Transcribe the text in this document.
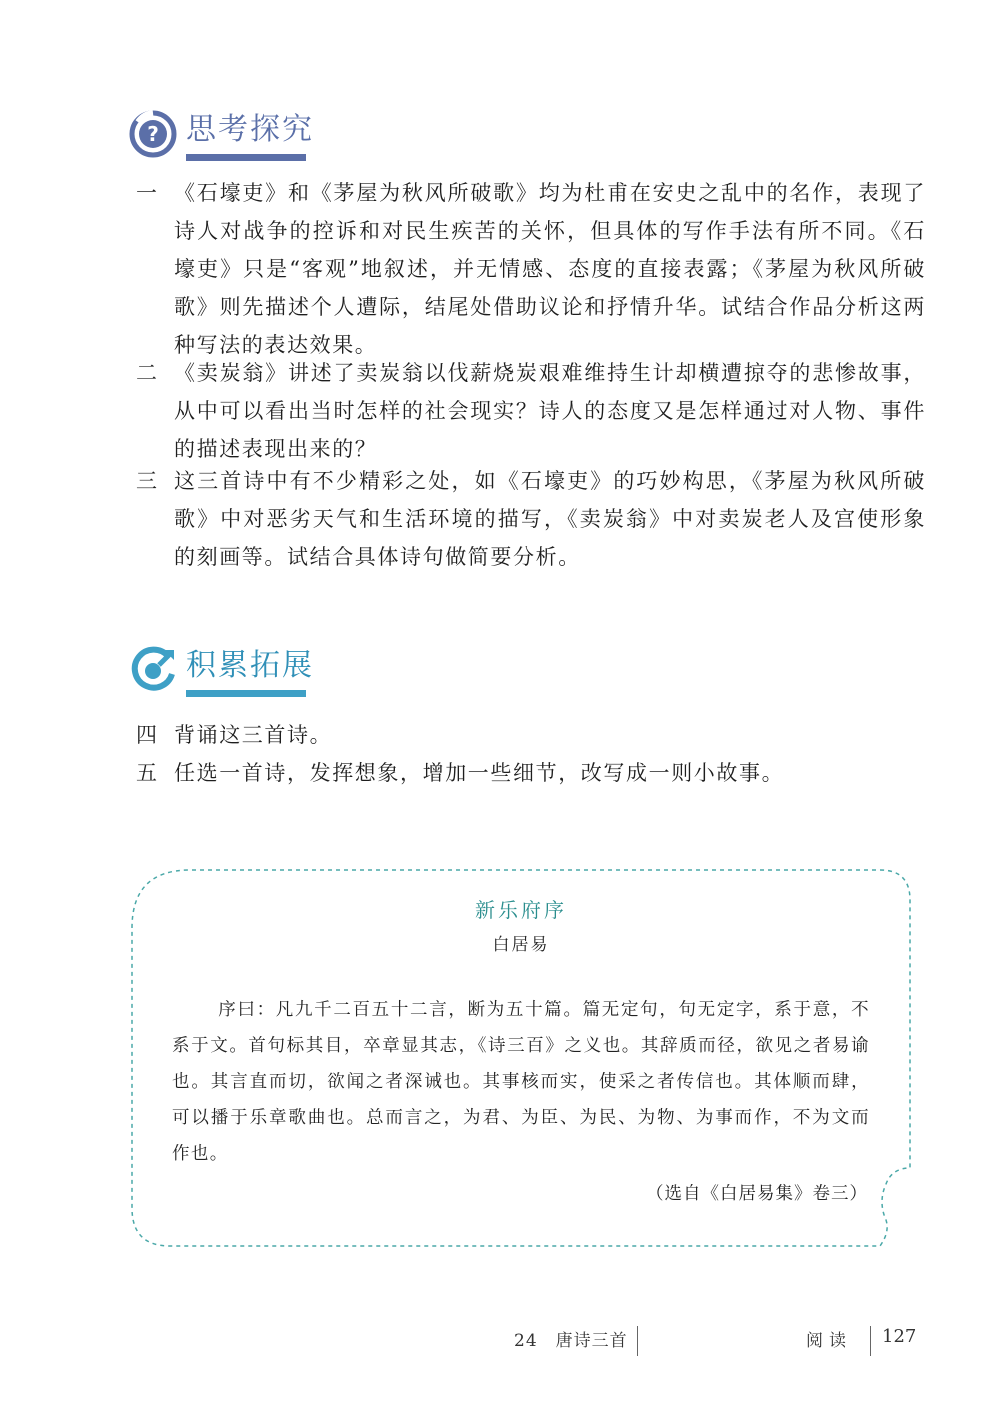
? 思考探究
一 《石壕吏》和《茅屋为秋风所破歌》均为杜甫在安史之乱中的名作，表现了诗人对战争的控诉和对民生疾苦的关怀，但具体的写作手法有所不同。《石壕吏》只是“客观”地叙述，并无情感、态度的直接表露；《茅屋为秋风所破歌》则先描述个人遭际，结尾处借助议论和抒情升华。试结合作品分析这两种写法的表达效果。
二 《卖炭翁》讲述了卖炭翁以伐薪烧炭艰难维持生计却横遭掠夺的悲惨故事，从中可以看出当时怎样的社会现实？诗人的态度又是怎样通过对人物、事件的描述表现出来的？
三 这三首诗中有不少精彩之处，如《石壕吏》的巧妙构思，《茅屋为秋风所破歌》中对恶劣天气和生活环境的描写，《卖炭翁》中对卖炭老人及宫使形象的刻画等。试结合具体诗句做简要分析。
积累拓展
四 背诵这三首诗。
五 任选一首诗，发挥想象，增加一些细节，改写成一则小故事。
新乐府序
白居易
序曰：凡九千二百五十二言，断为五十篇。篇无定句，句无定字，系于意，不系于文。首句标其目，卒章显其志，《诗三百》之义也。其辞质而径，欲见之者易谕也。其言直而切，欲闻之者深诫也。其事核而实，使采之者传信也。其体顺而肆，可以播于乐章歌曲也。总而言之，为君、为臣、为民、为物、为事而作，不为文而作也。
（选自《白居易集》卷三）
24　唐诗三首	阅读 127
